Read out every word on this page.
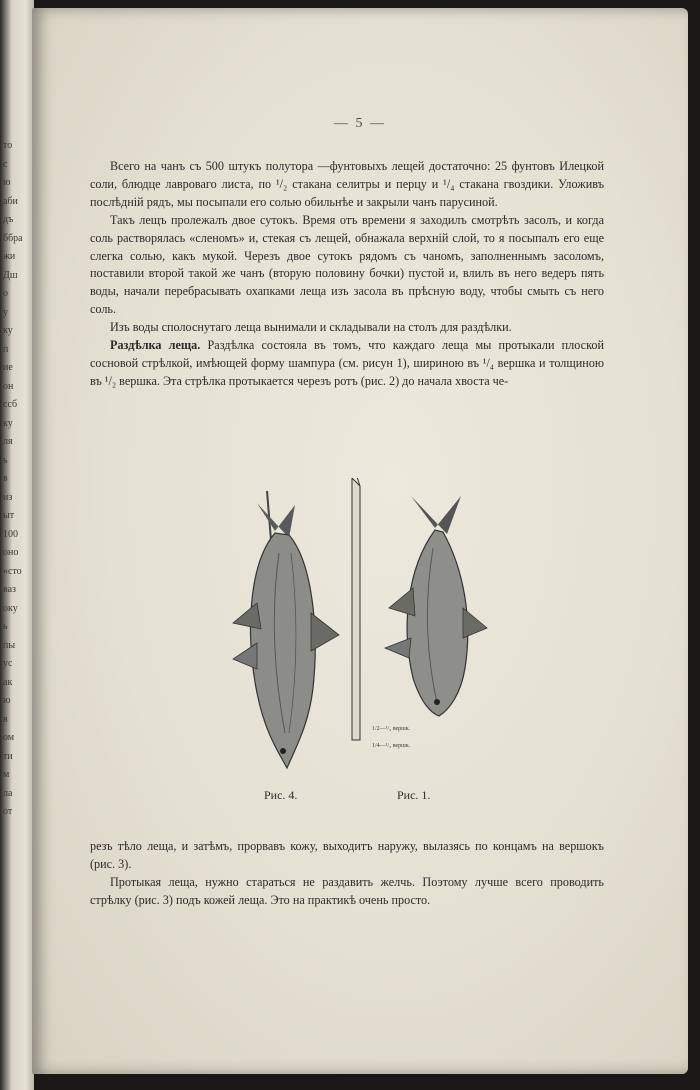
то
с
ю
аби
дъ
ббра
жи
Дш
о
у
ку
п
ие
он
ссб
ку
ля
ь
в
из
ыт
100
оно
«сто
ваз
оку
ь
пы
ус
ак
ю
в
ом
ти
м
ла
от
— 5 —

Всего на чанъ съ 500 штукъ полутора —фунтовыхъ лещей достаточно: 25 фунтовъ Илецкой соли, блюдце лавроваго листа, по ¹/₂ стакана селитры и перцу и ¹/₄ стакана гвоздики. Уложивъ послѣдній рядъ, мы посыпали его солью обильнѣе и закрыли чанъ парусиной.

Такъ лещъ пролежалъ двое сутокъ. Время отъ времени я заходилъ смотрѣть засолъ, и когда соль растворялась «сленомъ» и, стекая съ лещей, обнажала верхній слой, то я посыпалъ его еще слегка солью, какъ мукой. Черезъ двое сутокъ рядомъ съ чаномъ, заполненнымъ засоломъ, поставили второй такой же чанъ (вторую половину бочки) пустой и, влилъ въ него ведеръ пять воды, начали перебрасывать охапками леща изъ засола въ прѣсную воду, чтобы смыть съ него соль.

Изъ воды сполоснутаго леща вынимали и складывали на столъ для раздѣлки.

Раздѣлка леща. Раздѣлка состояла въ томъ, что каждаго леща мы протыкали плоской сосновой стрѣлкой, имѣющей форму шампура (см. рисун 1), шириною въ ¹/₄ вершка и толщиною въ ¹/₂ вершка. Эта стрѣлка протыкается черезъ ротъ (рис. 2) до начала хвоста че-

1/2—¹/₄ вершк.
1/4—¹/₂ вершк.
Рис. 4.	Рис. 1.

резъ тѣло леща, и затѣмъ, прорвавъ кожу, выходитъ наружу, вылазясь по концамъ на вершокъ (рис. 3).

Протыкая леща, нужно стараться не раздавить желчь. Поэтому лучше всего проводить стрѣлку (рис. 3) подъ кожей леща. Это на практикѣ очень просто.
